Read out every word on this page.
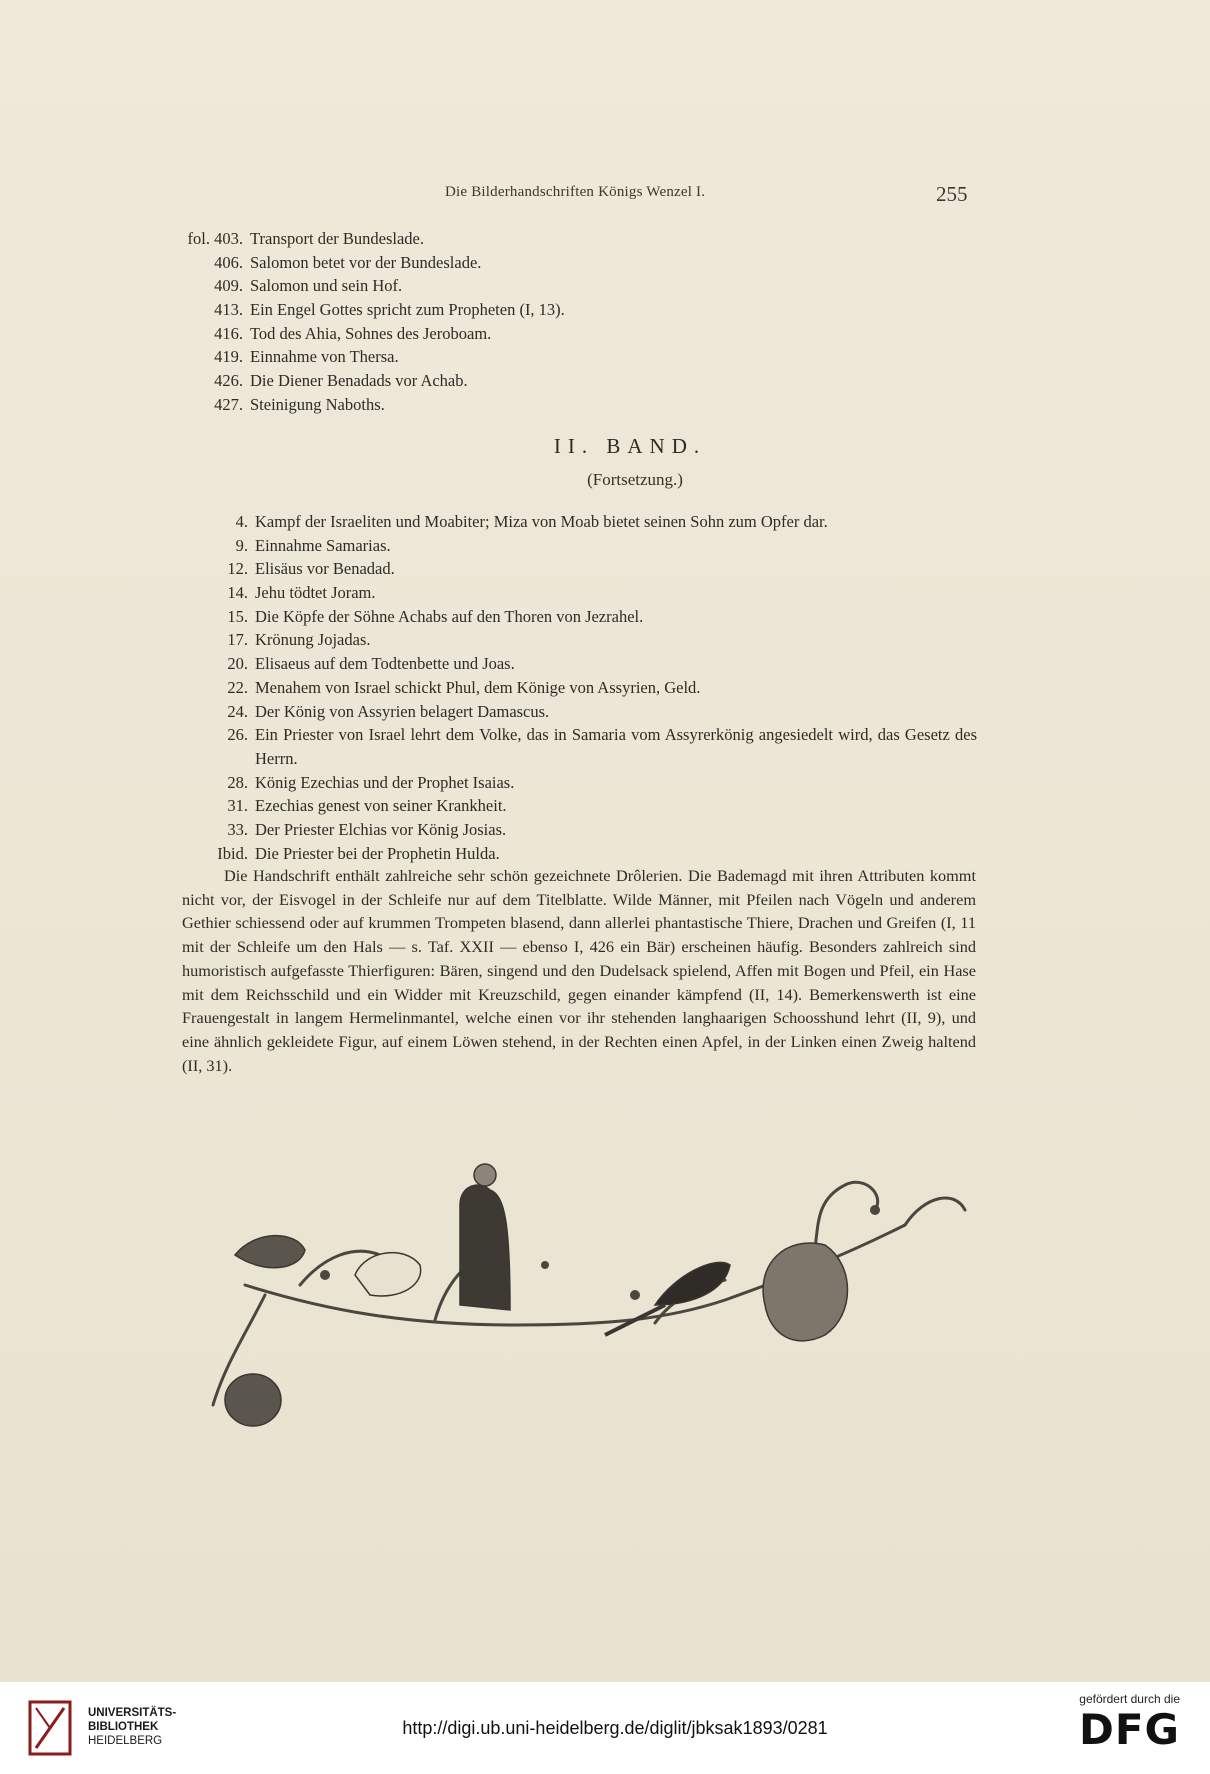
Die Bilderhandschriften Königs Wenzel I.	255
fol. 403. Transport der Bundeslade.
406. Salomon betet vor der Bundeslade.
409. Salomon und sein Hof.
413. Ein Engel Gottes spricht zum Propheten (I, 13).
416. Tod des Ahia, Sohnes des Jeroboam.
419. Einnahme von Thersa.
426. Die Diener Benadads vor Achab.
427. Steinigung Naboths.
II. BAND.
(Fortsetzung.)
4. Kampf der Israeliten und Moabiter; Miza von Moab bietet seinen Sohn zum Opfer dar.
9. Einnahme Samarias.
12. Elisäus vor Benadad.
14. Jehu tödtet Joram.
15. Die Köpfe der Söhne Achabs auf den Thoren von Jezrahel.
17. Krönung Jojadas.
20. Elisaeus auf dem Todtenbette und Joas.
22. Menahem von Israel schickt Phul, dem Könige von Assyrien, Geld.
24. Der König von Assyrien belagert Damascus.
26. Ein Priester von Israel lehrt dem Volke, das in Samaria vom Assyrerkönig angesiedelt wird, das Gesetz des Herrn.
28. König Ezechias und der Prophet Isaias.
31. Ezechias genest von seiner Krankheit.
33. Der Priester Elchias vor König Josias.
Ibid. Die Priester bei der Prophetin Hulda.

Die Handschrift enthält zahlreiche sehr schön gezeichnete Drôlerien. Die Bademagd mit ihren Attributen kommt nicht vor, der Eisvogel in der Schleife nur auf dem Titelblatte. Wilde Männer, mit Pfeilen nach Vögeln und anderem Gethier schiessend oder auf krummen Trompeten blasend, dann allerlei phantastische Thiere, Drachen und Greifen (I, 11 mit der Schleife um den Hals — s. Taf. XXII — ebenso I, 426 ein Bär) erscheinen häufig. Besonders zahlreich sind humoristisch aufgefasste Thierfiguren: Bären, singend und den Dudelsack spielend, Affen mit Bogen und Pfeil, ein Hase mit dem Reichsschild und ein Widder mit Kreuzschild, gegen einander kämpfend (II, 14). Bemerkenswerth ist eine Frauengestalt in langem Hermelinmantel, welche einen vor ihr stehenden langhaarigen Schoosshund lehrt (II, 9), und eine ähnlich gekleidete Figur, auf einem Löwen stehend, in der Rechten einen Apfel, in der Linken einen Zweig haltend (II, 31).

UNIVERSITÄTS-
BIBLIOTHEK
HEIDELBERG
http://digi.ub.uni-heidelberg.de/diglit/jbksak1893/0281
gefördert durch die
DFG
